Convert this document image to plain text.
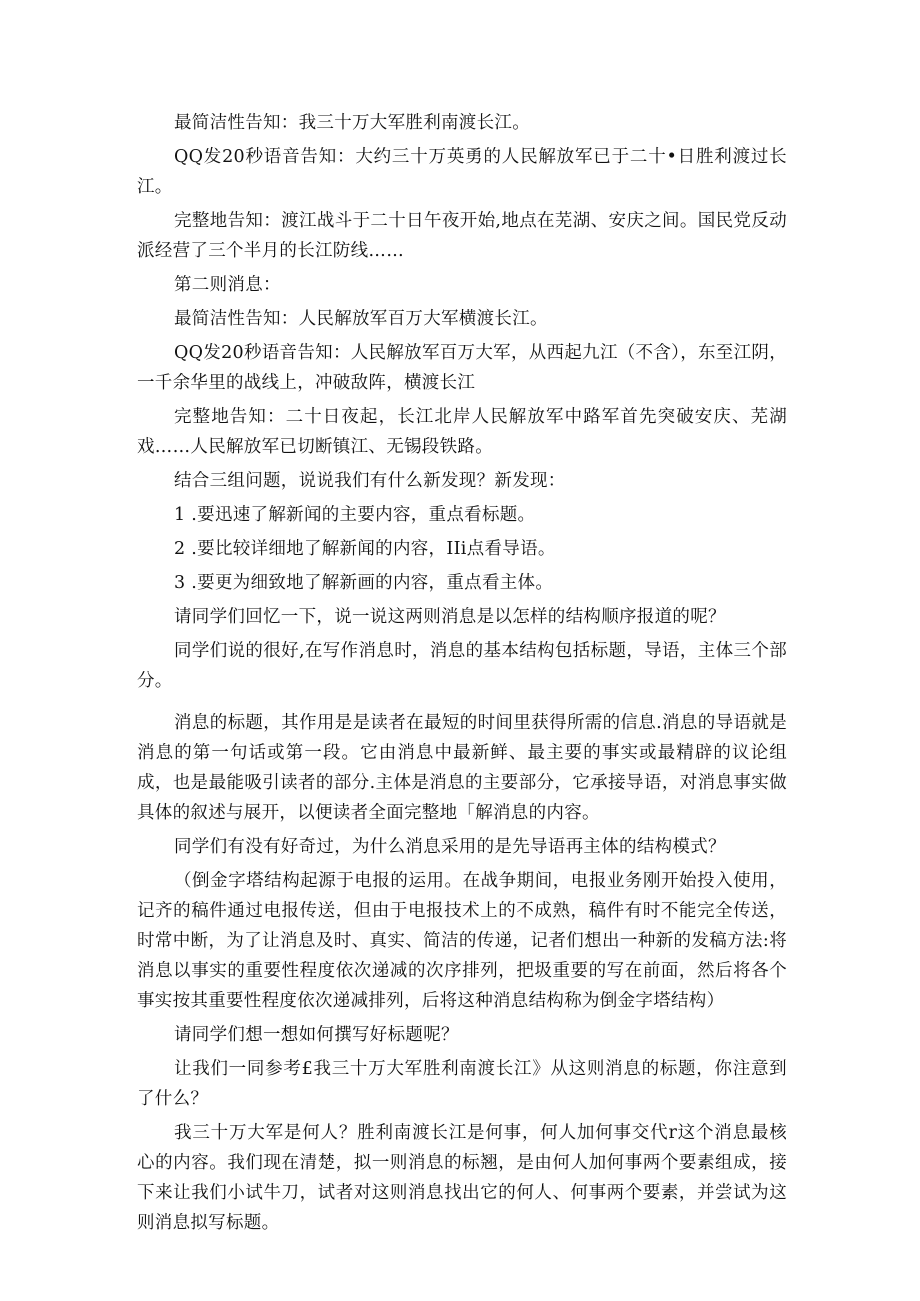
最简洁性告知：我三十万大军胜利南渡长江。

QQ发20秒语音告知：大约三十万英勇的人民解放军已于二十•日胜利渡过长江。

完整地告知：渡江战斗于二十日午夜开始,地点在芜湖、安庆之间。国民党反动派经营了三个半月的长江防线……

第二则消息：

最简洁性告知：人民解放军百万大军横渡长江。

QQ发20秒语音告知：人民解放军百万大军，从西起九江（不含），东至江阴，一千余华里的战线上，冲破敌阵，横渡长江

完整地告知：二十日夜起，长江北岸人民解放军中路军首先突破安庆、芜湖戏……人民解放军已切断镇江、无锡段铁路。

结合三组问题，说说我们有什么新发现？新发现：

1 .要迅速了解新闻的主要内容，重点看标题。

2 .要比较详细地了解新闻的内容，IIi点看导语。

3 .要更为细致地了解新画的内容，重点看主体。

请同学们回忆一下，说一说这两则消息是以怎样的结构顺序报道的呢？

同学们说的很好,在写作消息时，消息的基本结构包括标题，导语，主体三个部分。

消息的标题，其作用是是读者在最短的时间里获得所需的信息.消息的导语就是消息的第一句话或第一段。它由消息中最新鲜、最主要的事实或最精辟的议论组成，也是最能吸引读者的部分.主体是消息的主要部分，它承接导语，对消息事实做具体的叙述与展开，以便读者全面完整地「解消息的内容。

同学们有没有好奇过，为什么消息采用的是先导语再主体的结构模式？

（倒金字塔结构起源于电报的运用。在战争期间，电报业务刚开始投入使用，记齐的稿件通过电报传送，但由于电报技术上的不成熟，稿件有时不能完全传送，时常中断，为了让消息及时、真实、简洁的传递，记者们想出一种新的发稿方法:将消息以事实的重要性程度依次递减的次序排列，把圾重要的写在前面，然后将各个事实按其重要性程度依次递减排列，后将这种消息结构称为倒金字塔结构）

请同学们想一想如何撰写好标题呢？

让我们一同参考£我三十万大军胜利南渡长江》从这则消息的标题，你注意到了什么？

我三十万大军是何人？胜利南渡长江是何事，何人加何事交代r这个消息最核心的内容。我们现在清楚，拟一则消息的标翘，是由何人加何事两个要素组成，接下来让我们小试牛刀，试者对这则消息找出它的何人、何事两个要素，并尝试为这则消息拟写标题。
